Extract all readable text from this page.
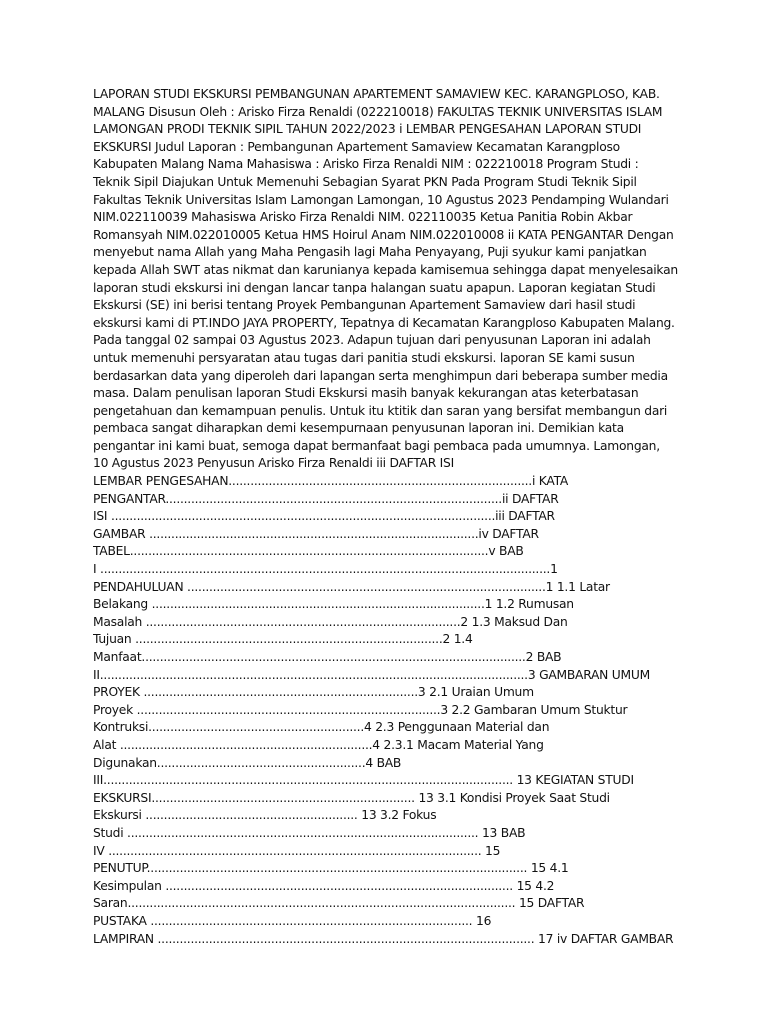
LAPORAN STUDI EKSKURSI PEMBANGUNAN APARTEMENT SAMAVIEW KEC. KARANGPLOSO, KAB. MALANG Disusun Oleh : Arisko Firza Renaldi (022210018) FAKULTAS TEKNIK UNIVERSITAS ISLAM LAMONGAN PRODI TEKNIK SIPIL TAHUN 2022/2023 i LEMBAR PENGESAHAN LAPORAN STUDI EKSKURSI Judul Laporan : Pembangunan Apartement Samaview Kecamatan Karangploso Kabupaten Malang Nama Mahasiswa : Arisko Firza Renaldi NIM : 022210018 Program Studi : Teknik Sipil Diajukan Untuk Memenuhi Sebagian Syarat PKN Pada Program Studi Teknik Sipil Fakultas Teknik Universitas Islam Lamongan Lamongan, 10 Agustus 2023 Pendamping Wulandari NIM.022110039 Mahasiswa Arisko Firza Renaldi NIM. 022110035 Ketua Panitia Robin Akbar Romansyah NIM.022010005 Ketua HMS Hoirul Anam NIM.022010008 ii KATA PENGANTAR Dengan menyebut nama Allah yang Maha Pengasih lagi Maha Penyayang, Puji syukur kami panjatkan kepada Allah SWT atas nikmat dan karunianya kepada kamisemua sehingga dapat menyelesaikan laporan studi ekskursi ini dengan lancar tanpa halangan suatu apapun. Laporan kegiatan Studi Ekskursi (SE) ini berisi tentang Proyek Pembangunan Apartement Samaview dari hasil studi ekskursi kami di PT.INDO JAYA PROPERTY, Tepatnya di Kecamatan Karangploso Kabupaten Malang. Pada tanggal 02 sampai 03 Agustus 2023. Adapun tujuan dari penyusunan Laporan ini adalah untuk memenuhi persyaratan atau tugas dari panitia studi ekskursi. laporan SE kami susun berdasarkan data yang diperoleh dari lapangan serta menghimpun dari beberapa sumber media masa. Dalam penulisan laporan Studi Ekskursi masih banyak kekurangan atas keterbatasan pengetahuan dan kemampuan penulis. Untuk itu ktitik dan saran yang bersifat membangun dari pembaca sangat diharapkan demi kesempurnaan penyusunan laporan ini. Demikian kata pengantar ini kami buat, semoga dapat bermanfaat bagi pembaca pada umumnya. Lamongan, 10 Agustus 2023 Penyusun Arisko Firza Renaldi iii DAFTAR ISI

LEMBAR PENGESAHAN...................................................................................i KATA
PENGANTAR............................................................................................ii DAFTAR
ISI .........................................................................................................iii DAFTAR
GAMBAR ..........................................................................................iv DAFTAR
TABEL..................................................................................................v BAB
I ...........................................................................................................................1
PENDAHULUAN ..................................................................................................1 1.1 Latar
Belakang ...........................................................................................1 1.2 Rumusan
Masalah ......................................................................................2 1.3 Maksud Dan
Tujuan ....................................................................................2 1.4
Manfaat.........................................................................................................2 BAB
II.....................................................................................................................3 GAMBARAN UMUM
PROYEK ...........................................................................3 2.1 Uraian Umum
Proyek ...................................................................................3 2.2 Gambaran Umum Stuktur
Kontruksi...........................................................4 2.3 Penggunaan Material dan
Alat .....................................................................4 2.3.1 Macam Material Yang
Digunakan.........................................................4 BAB
III................................................................................................................ 13 KEGIATAN STUDI
EKSKURSI........................................................................ 13 3.1 Kondisi Proyek Saat Studi
Ekskursi .......................................................... 13 3.2 Fokus
Studi ................................................................................................ 13 BAB
IV ...................................................................................................... 15
PENUTUP........................................................................................................ 15 4.1
Kesimpulan ............................................................................................... 15 4.2
Saran.......................................................................................................... 15 DAFTAR
PUSTAKA ........................................................................................ 16
LAMPIRAN ....................................................................................................... 17 iv DAFTAR GAMBAR
